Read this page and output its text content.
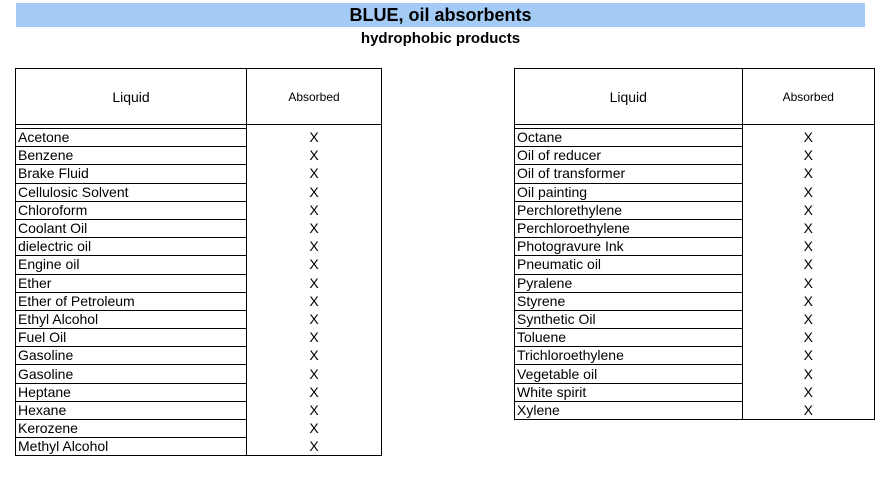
BLUE, oil absorbents
hydrophobic products
Liquid	Absorbed

Acetone	X
Benzene	X
Brake Fluid	X
Cellulosic Solvent	X
Chloroform	X
Coolant Oil	X
dielectric oil	X
Engine oil	X
Ether	X
Ether of Petroleum	X
Ethyl Alcohol	X
Fuel Oil	X
Gasoline	X
Gasoline	X
Heptane	X
Hexane	X
Kerozene	X
Methyl Alcohol	X
Liquid	Absorbed

Octane	X
Oil of reducer	X
Oil of transformer	X
Oil painting	X
Perchlorethylene	X
Perchloroethylene	X
Photogravure Ink	X
Pneumatic oil	X
Pyralene	X
Styrene	X
Synthetic Oil	X
Toluene	X
Trichloroethylene	X
Vegetable oil	X
White spirit	X
Xylene	X
